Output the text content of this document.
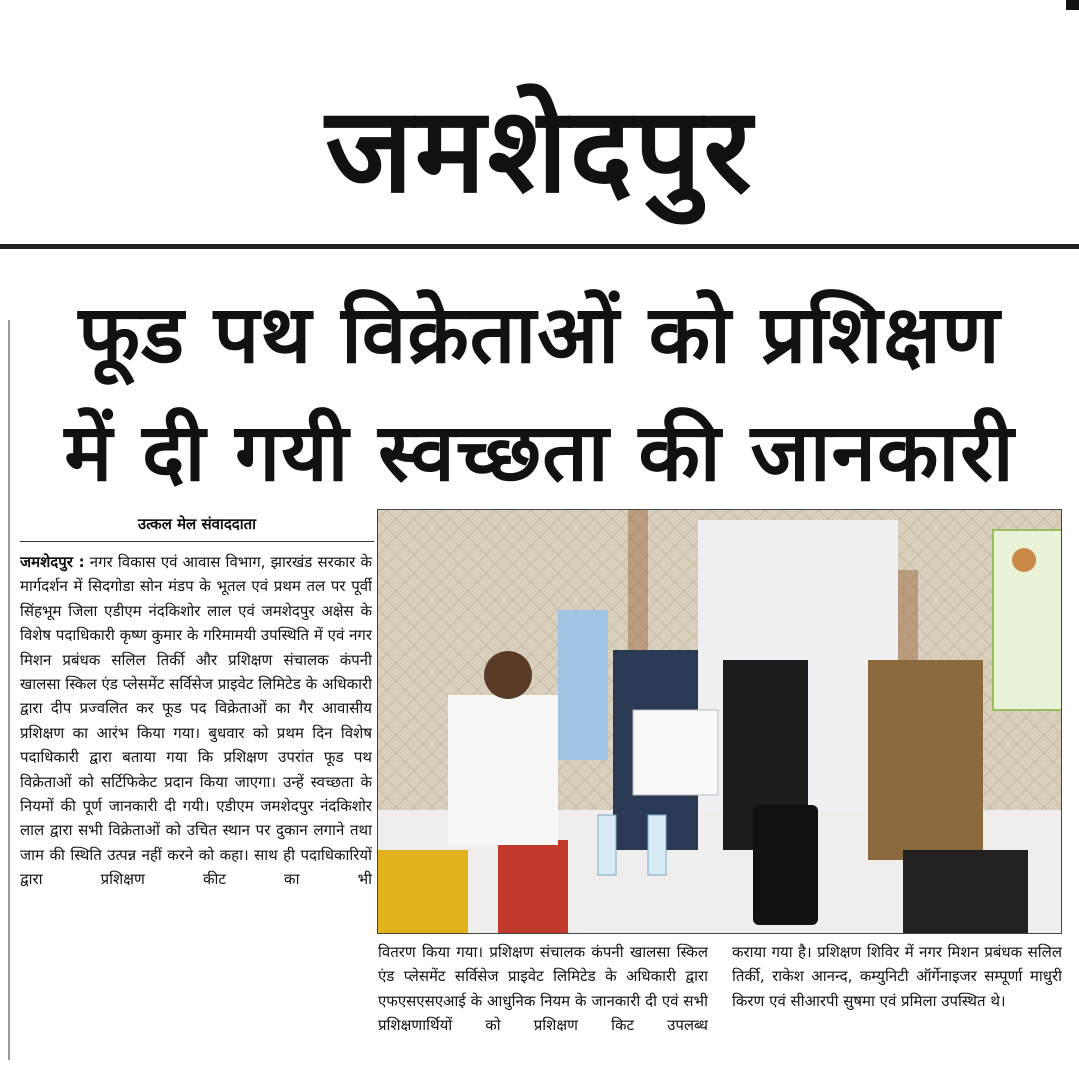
जमशेदपुर
फूड पथ विक्रेताओं को प्रशिक्षण
में दी गयी स्वच्छता की जानकारी
उत्कल मेल संवाददाता

जमशेदपुर : नगर विकास एवं आवास विभाग, झारखंड सरकार के मार्गदर्शन में सिदगोडा सोन मंडप के भूतल एवं प्रथम तल पर पूर्वी सिंहभूम जिला एडीएम नंदकिशोर लाल एवं जमशेदपुर अक्षेस के विशेष पदाधिकारी कृष्ण कुमार के गरिमामयी उपस्थिति में एवं नगर मिशन प्रबंधक सलिल तिर्की और प्रशिक्षण संचालक कंपनी खालसा स्किल एंड प्लेसमेंट सर्विसेज प्राइवेट लिमिटेड के अधिकारी द्वारा दीप प्रज्वलित कर फूड पद विक्रेताओं का गैर आवासीय प्रशिक्षण का आरंभ किया गया। बुधवार को प्रथम दिन विशेष पदाधिकारी द्वारा बताया गया कि प्रशिक्षण उपरांत फूड पथ विक्रेताओं को सर्टिफिकेट प्रदान किया जाएगा। उन्हें स्वच्छता के नियमों की पूर्ण जानकारी दी गयी। एडीएम जमशेदपुर नंदकिशोर लाल द्वारा सभी विक्रेताओं को उचित स्थान पर दुकान लगाने तथा जाम की स्थिति उत्पन्न नहीं करने को कहा। साथ ही पदाधिकारियों द्वारा प्रशिक्षण कीट का भी

वितरण किया गया। प्रशिक्षण संचालक कंपनी खालसा स्किल एंड प्लेसमेंट सर्विसेज प्राइवेट लिमिटेड के अधिकारी द्वारा एफएसएसएआई के आधुनिक नियम के जानकारी दी एवं सभी प्रशिक्षणार्थियों को प्रशिक्षण किट उपलब्ध

कराया गया है। प्रशिक्षण शिविर में नगर मिशन प्रबंधक सलिल तिर्की, राकेश आनन्द, कम्युनिटी ऑर्गेनाइजर सम्पूर्णा माधुरी किरण एवं सीआरपी सुषमा एवं प्रमिला उपस्थित थे।
